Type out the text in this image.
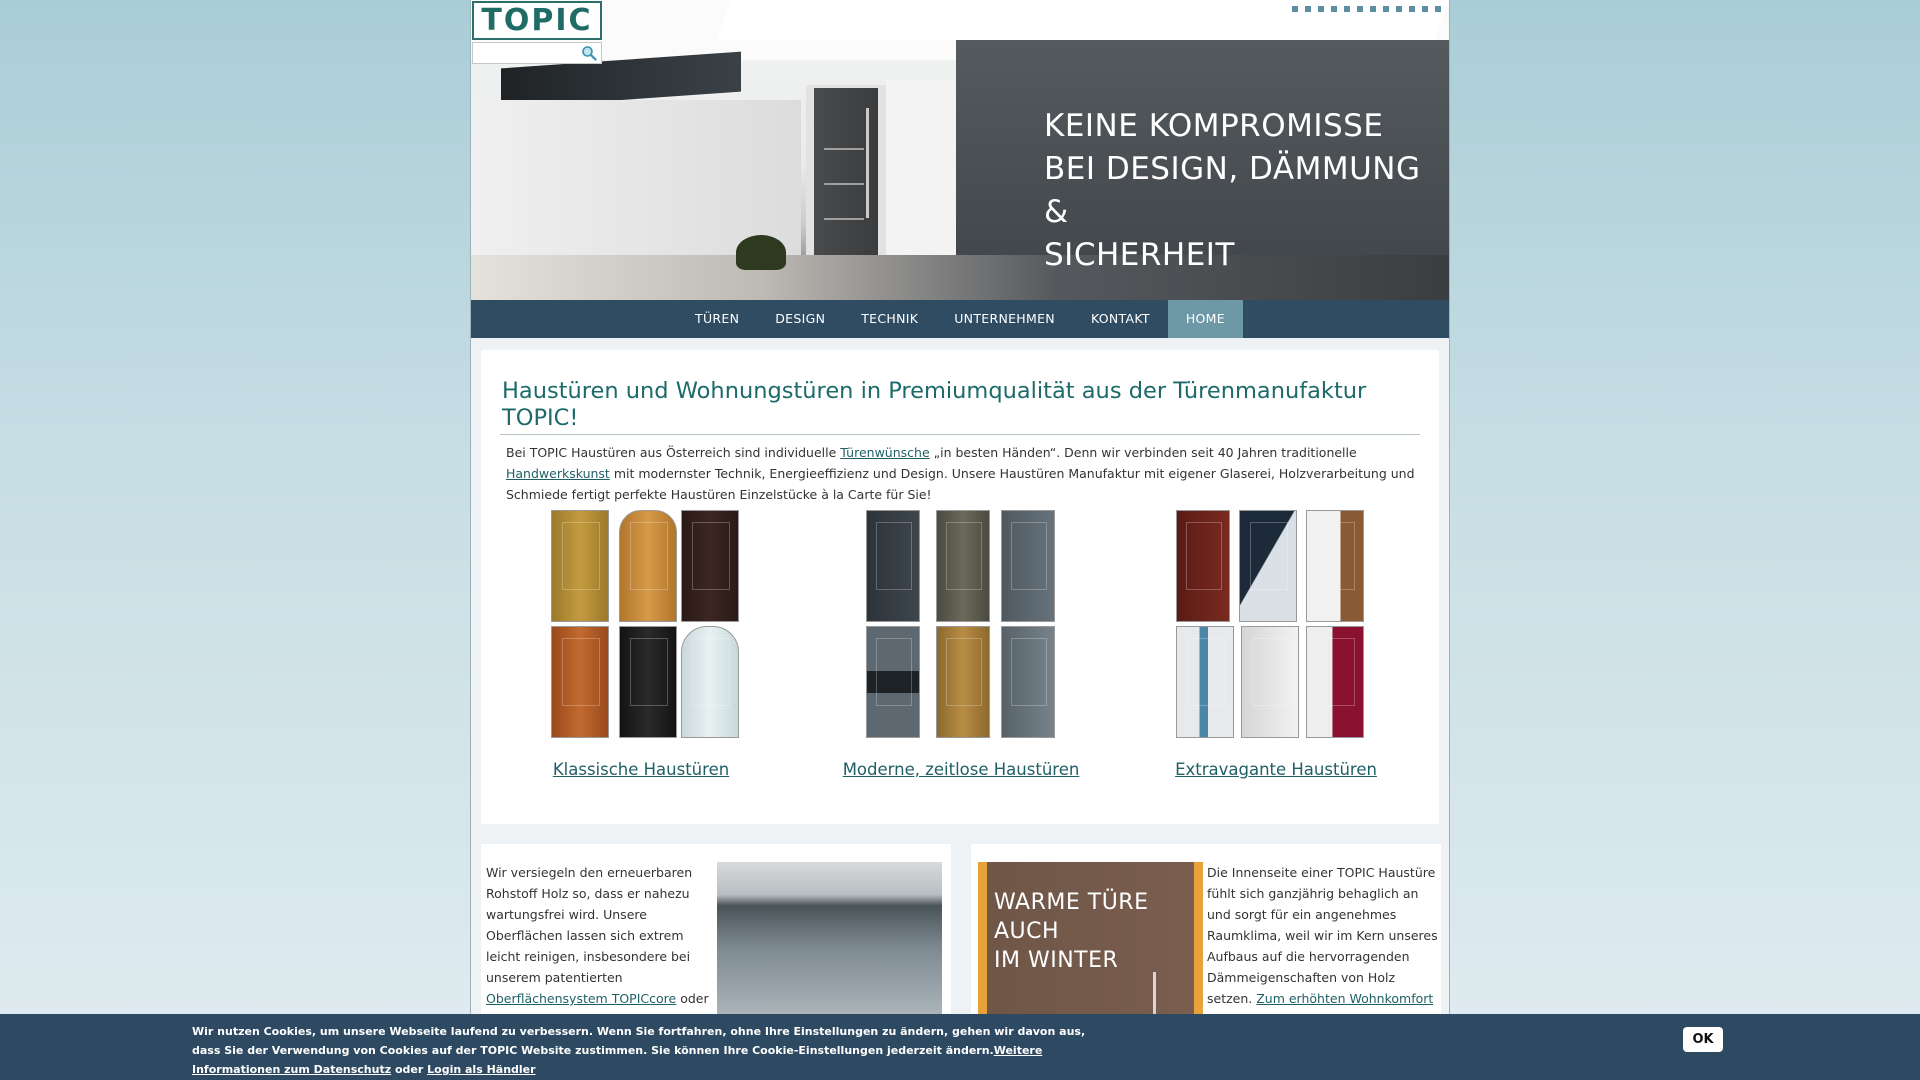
KEINE KOMPROMISSE
BEI DESIGN, DÄMMUNG &
SICHERHEIT
TOPIC
TÜREN	DESIGN	TECHNIK	UNTERNEHMEN	KONTAKT	HOME
Haustüren und Wohnungstüren in Premiumqualität aus der Türenmanufaktur TOPIC!

Bei TOPIC Haustüren aus Österreich sind individuelle Türenwünsche „in besten Händen“. Denn wir verbinden seit 40 Jahren traditionelle Handwerkskunst mit modernster Technik, Energieeffizienz und Design. Unsere Haustüren Manufaktur mit eigener Glaserei, Holzverarbeitung und Schmiede fertigt perfekte Haustüren Einzelstücke à la Carte für Sie!

Klassische Haustüren	Moderne, zeitlose Haustüren	Extravagante Haustüren

Wir versiegeln den erneuerbaren Rohstoff Holz so, dass er nahezu wartungsfrei wird. Unsere Oberflächen lassen sich extrem leicht reinigen, insbesondere bei unserem patentierten Oberflächensystem TOPICcore oder

WARME TÜRE
AUCH
IM WINTER

Die Innenseite einer TOPIC Haustüre fühlt sich ganzjährig behaglich an und sorgt für ein angenehmes Raumklima, weil wir im Kern unseres Aufbaus auf die hervorragenden Dämmeigenschaften von Holz setzen. Zum erhöhten Wohnkomfort

Wir nutzen Cookies, um unsere Webseite laufend zu verbessern. Wenn Sie fortfahren, ohne Ihre Einstellungen zu ändern, gehen wir davon aus, dass Sie der Verwendung von Cookies auf der TOPIC Website zustimmen. Sie können Ihre Cookie-Einstellungen jederzeit ändern.Weitere Informationen zum Datenschutz oder Login als Händler

OK
